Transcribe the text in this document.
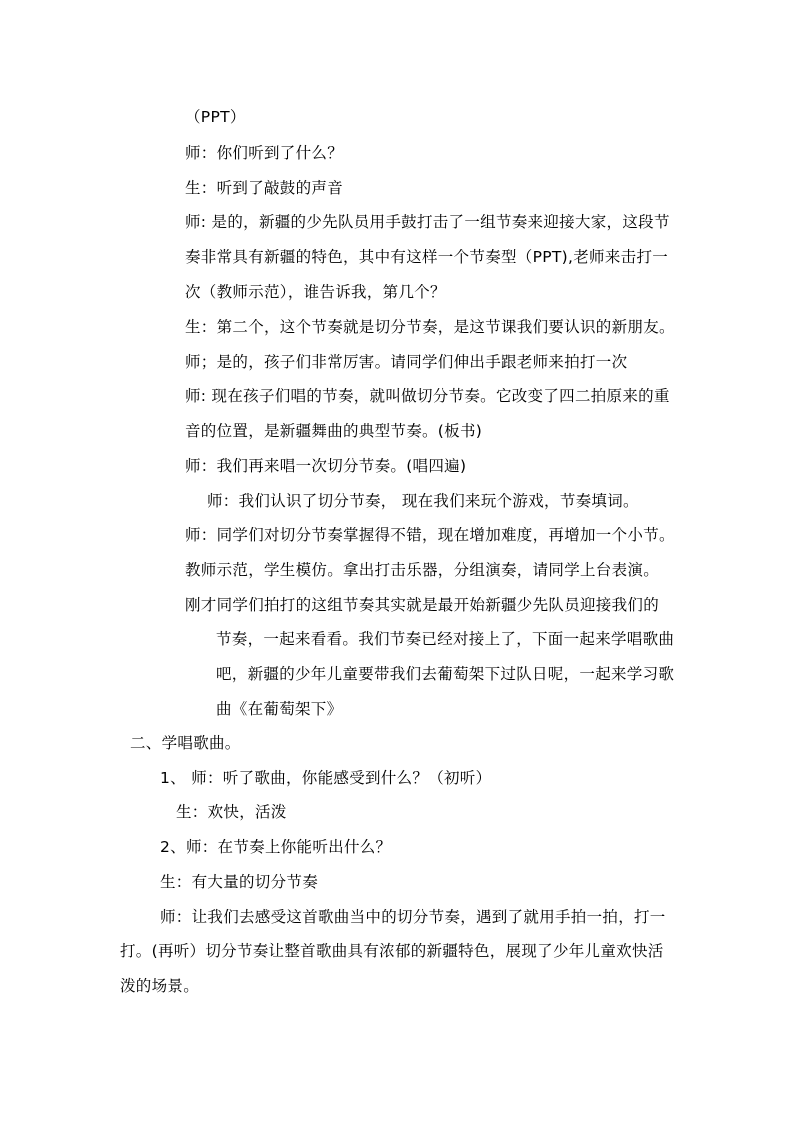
（PPT）
师：你们听到了什么？
生：听到了敲鼓的声音
师: 是的，新疆的少先队员用手鼓打击了一组节奏来迎接大家，这段节
奏非常具有新疆的特色，其中有这样一个节奏型（PPT),老师来击打一
次（教师示范），谁告诉我，第几个？
生：第二个，这个节奏就是切分节奏，是这节课我们要认识的新朋友。
师；是的，孩子们非常厉害。请同学们伸出手跟老师来拍打一次
师: 现在孩子们唱的节奏，就叫做切分节奏。它改变了四二拍原来的重
音的位置，是新疆舞曲的典型节奏。(板书)
师：我们再来唱一次切分节奏。(唱四遍)
师：我们认识了切分节奏， 现在我们来玩个游戏，节奏填词。
师：同学们对切分节奏掌握得不错，现在增加难度，再增加一个小节。
教师示范，学生模仿。拿出打击乐器，分组演奏，请同学上台表演。
刚才同学们拍打的这组节奏其实就是最开始新疆少先队员迎接我们的
节奏，一起来看看。我们节奏已经对接上了，下面一起来学唱歌曲
吧，新疆的少年儿童要带我们去葡萄架下过队日呢，一起来学习歌
曲《在葡萄架下》
二、学唱歌曲。
1、 师：听了歌曲，你能感受到什么？（初听）
生：欢快，活泼
2、师：在节奏上你能听出什么？
生：有大量的切分节奏
师：让我们去感受这首歌曲当中的切分节奏，遇到了就用手拍一拍，打一
打。(再听）切分节奏让整首歌曲具有浓郁的新疆特色，展现了少年儿童欢快活
泼的场景。
